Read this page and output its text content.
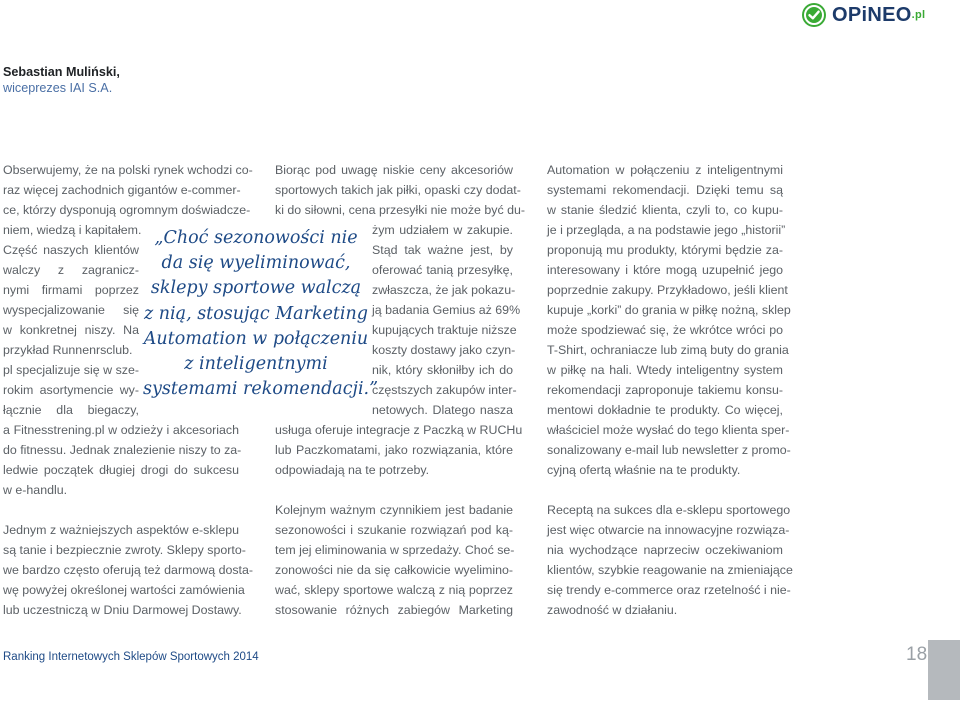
OPiNEO$^{.pl}$
Sebastian Muliński,
wiceprezes IAI S.A.
Obserwujemy, że na polski rynek wchodzi co-
raz więcej zachodnich gigantów e-commer-
ce, którzy dysponują ogromnym doświadcze-
niem, wiedzą i kapitałem.
Część naszych klientów
walczy z zagranicz-
nymi firmami poprzez
wyspecjalizowanie się
w konkretnej niszy. Na
przykład Runnenrsclub.
pl specjalizuje się w sze-
rokim asortymencie wy-
łącznie dla biegaczy,
a Fitnesstrening.pl w odzieży i akcesoriach
do fitnessu. Jednak znalezienie niszy to za-
ledwie początek długiej drogi do sukcesu
w e-handlu.
Jednym z ważniejszych aspektów e-sklepu
są tanie i bezpiecznie zwroty. Sklepy sporto-
we bardzo często oferują też darmową dosta-
wę powyżej określonej wartości zamówienia
lub uczestniczą w Dniu Darmowej Dostawy.
„Choć sezonowości nie
da się wyeliminować,
sklepy sportowe walczą
z nią, stosując Marketing
Automation w połączeniu
z inteligentnymi
systemami rekomendacji.”
Biorąc pod uwagę niskie ceny akcesoriów
sportowych takich jak piłki, opaski czy dodat-
ki do siłowni, cena przesyłki nie może być du-
żym udziałem w zakupie.
Stąd tak ważne jest, by
oferować tanią przesyłkę,
zwłaszcza, że jak pokazu-
ją badania Gemius aż 69%
kupujących traktuje niższe
koszty dostawy jako czyn-
nik, który skłoniłby ich do
częstszych zakupów inter-
netowych. Dlatego nasza
usługa oferuje integracje z Paczką w RUCHu
lub Paczkomatami, jako rozwiązania, które
odpowiadają na te potrzeby.
Kolejnym ważnym czynnikiem jest badanie
sezonowości i szukanie rozwiązań pod ką-
tem jej eliminowania w sprzedaży. Choć se-
zonowości nie da się całkowicie wyelimino-
wać, sklepy sportowe walczą z nią poprzez
stosowanie różnych zabiegów Marketing
Automation w połączeniu z inteligentnymi
systemami rekomendacji. Dzięki temu są
w stanie śledzić klienta, czyli to, co kupu-
je i przegląda, a na podstawie jego „historii”
proponują mu produkty, którymi będzie za-
interesowany i które mogą uzupełnić jego
poprzednie zakupy. Przykładowo, jeśli klient
kupuje „korki” do grania w piłkę nożną, sklep
może spodziewać się, że wkrótce wróci po
T-Shirt, ochraniacze lub zimą buty do grania
w piłkę na hali. Wtedy inteligentny system
rekomendacji zaproponuje takiemu konsu-
mentowi dokładnie te produkty. Co więcej,
właściciel może wysłać do tego klienta sper-
sonalizowany e-mail lub newsletter z promo-
cyjną ofertą właśnie na te produkty.
Receptą na sukces dla e-sklepu sportowego
jest więc otwarcie na innowacyjne rozwiąza-
nia wychodzące naprzeciw oczekiwaniom
klientów, szybkie reagowanie na zmieniające
się trendy e-commerce oraz rzetelność i nie-
zawodność w działaniu.
Ranking Internetowych Sklepów Sportowych 2014	18
